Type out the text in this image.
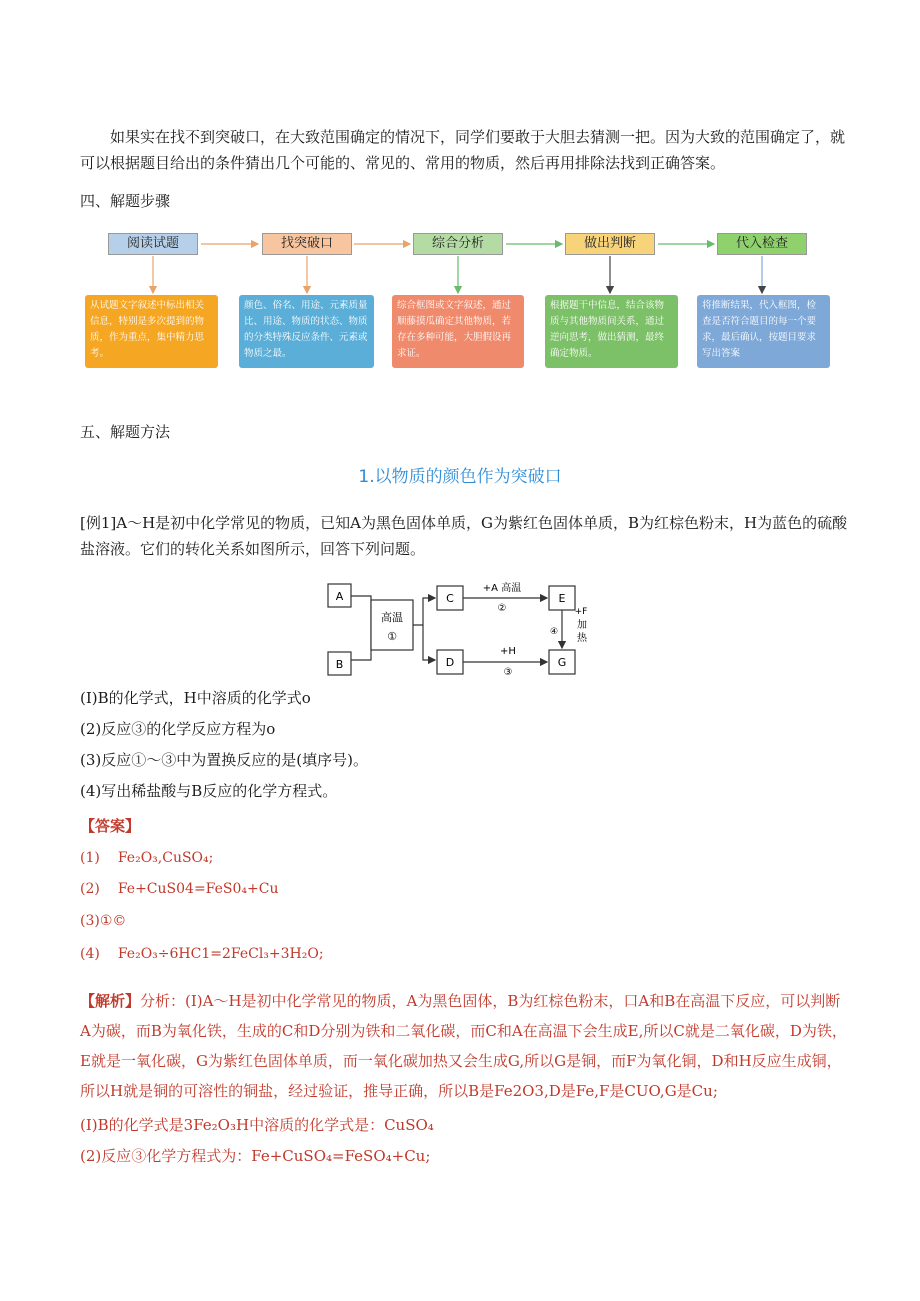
如果实在找不到突破口，在大致范围确定的情况下，同学们要敢于大胆去猜测一把。因为大致的范围确定了，就可以根据题目给出的条件猜出几个可能的、常见的、常用的物质，然后再用排除法找到正确答案。
四、解题步骤
阅读试题	找突破口	综合分析	做出判断	代入检查
从试题文字叙述中标出相关信息，特别是多次提到的物质，作为重点，集中精力思考。
颜色、俗名、用途、元素质量比、用途、物质的状态、物质的分类特殊反应条件、元素或物质之最。
综合框图或文字叙述，通过顺藤摸瓜确定其他物质，若存在多种可能，大胆假设再求证。
根据题干中信息，结合该物质与其他物质间关系，通过逆向思考，做出猜测，最终确定物质。
将推断结果，代入框图，检查是否符合题目的每一个要求，最后确认，按题目要求写出答案
五、解题方法
1.以物质的颜色作为突破口
[例1]A～H是初中化学常见的物质，已知A为黑色固体单质，G为紫红色固体单质，B为红棕色粉末，H为蓝色的硫酸盐溶液。它们的转化关系如图所示，回答下列问题。
A
B
高温
①
C
D
+A 高温
②
+H
③
E
G
+F
④
加
热
(I)B的化学式，H中溶质的化学式o
(2)反应③的化学反应方程为o
(3)反应①～③中为置换反应的是(填序号)。
(4)写出稀盐酸与B反应的化学方程式。
【答案】
(1) Fe₂O₃,CuSO₄;
(2) Fe+CuS04=FeS0₄+Cu
(3)①©
(4) Fe₂O₃÷6HC1=2FeCl₃+3H₂O;
【解析】分析：(I)A～H是初中化学常见的物质，A为黑色固体，B为红棕色粉末，口A和B在高温下反应，可以判断A为碳，而B为氧化铁，生成的C和D分别为铁和二氧化碳，而C和A在高温下会生成E,所以C就是二氧化碳，D为铁，E就是一氧化碳，G为紫红色固体单质，而一氧化碳加热又会生成G,所以G是铜，而F为氧化铜，D和H反应生成铜，所以H就是铜的可溶性的铜盐，经过验证，推导正确，所以B是Fe2O3,D是Fe,F是CUO,G是Cu;
(I)B的化学式是3Fe₂O₃H中溶质的化学式是：CuSO₄
(2)反应③化学方程式为：Fe+CuSO₄=FeSO₄+Cu;
